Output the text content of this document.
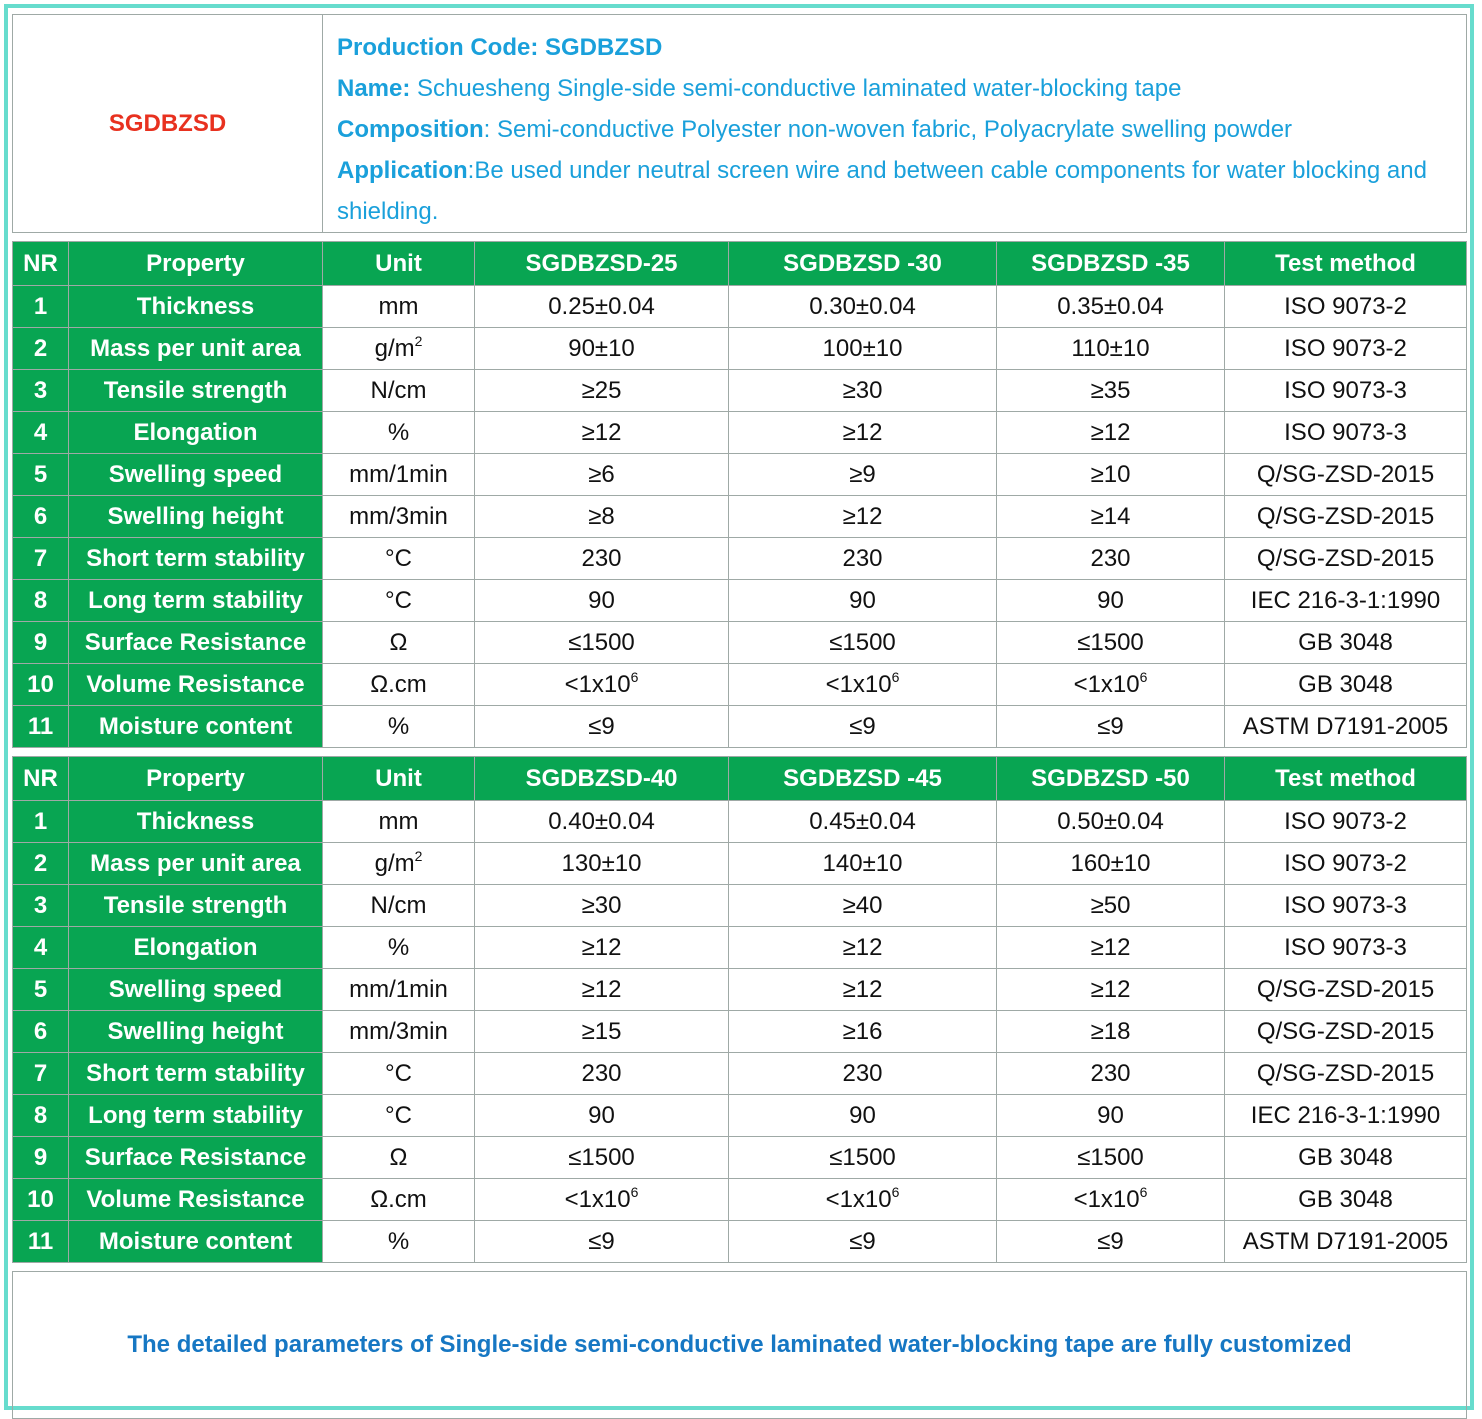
SGDBZSD		Production Code: SGDBZSD
Name: Schuesheng Single-side semi-conductive laminated water-blocking tape
Composition: Semi-conductive Polyester non-woven fabric, Polyacrylate swelling powder
Application:Be used under neutral screen wire and between cable components for water blocking and shielding.				

NR	Property	Unit	SGDBZSD-25	SGDBZSD -30	SGDBZSD -35	Test method
1	Thickness	mm	0.25±0.04	0.30±0.04	0.35±0.04	ISO 9073-2
2	Mass per unit area	$g/m^2$	90±10	100±10	110±10	ISO 9073-2
3	Tensile strength	N/cm	≥25	≥30	≥35	ISO 9073-3
4	Elongation	%	≥12	≥12	≥12	ISO 9073-3
5	Swelling speed	mm/1min	≥6	≥9	≥10	Q/SG-ZSD-2015
6	Swelling height	mm/3min	≥8	≥12	≥14	Q/SG-ZSD-2015
7	Short term stability	°C	230	230	230	Q/SG-ZSD-2015
8	Long term stability	°C	90	90	90	IEC 216-3-1:1990
9	Surface Resistance	Ω	≤1500	≤1500	≤1500	GB 3048
10	Volume Resistance	Ω.cm	$<1x10^6$	$<1x10^6$	$<1x10^6$	GB 3048
11	Moisture content	%	≤9	≤9	≤9	ASTM D7191-2005

NR	Property	Unit	SGDBZSD-40	SGDBZSD -45	SGDBZSD -50	Test method
1	Thickness	mm	0.40±0.04	0.45±0.04	0.50±0.04	ISO 9073-2
2	Mass per unit area	$g/m^2$	130±10	140±10	160±10	ISO 9073-2
3	Tensile strength	N/cm	≥30	≥40	≥50	ISO 9073-3
4	Elongation	%	≥12	≥12	≥12	ISO 9073-3
5	Swelling speed	mm/1min	≥12	≥12	≥12	Q/SG-ZSD-2015
6	Swelling height	mm/3min	≥15	≥16	≥18	Q/SG-ZSD-2015
7	Short term stability	°C	230	230	230	Q/SG-ZSD-2015
8	Long term stability	°C	90	90	90	IEC 216-3-1:1990
9	Surface Resistance	Ω	≤1500	≤1500	≤1500	GB 3048
10	Volume Resistance	Ω.cm	$<1x10^6$	$<1x10^6$	$<1x10^6$	GB 3048
11	Moisture content	%	≤9	≤9	≤9	ASTM D7191-2005

The detailed parameters of Single-side semi-conductive laminated water-blocking tape are fully customized						
